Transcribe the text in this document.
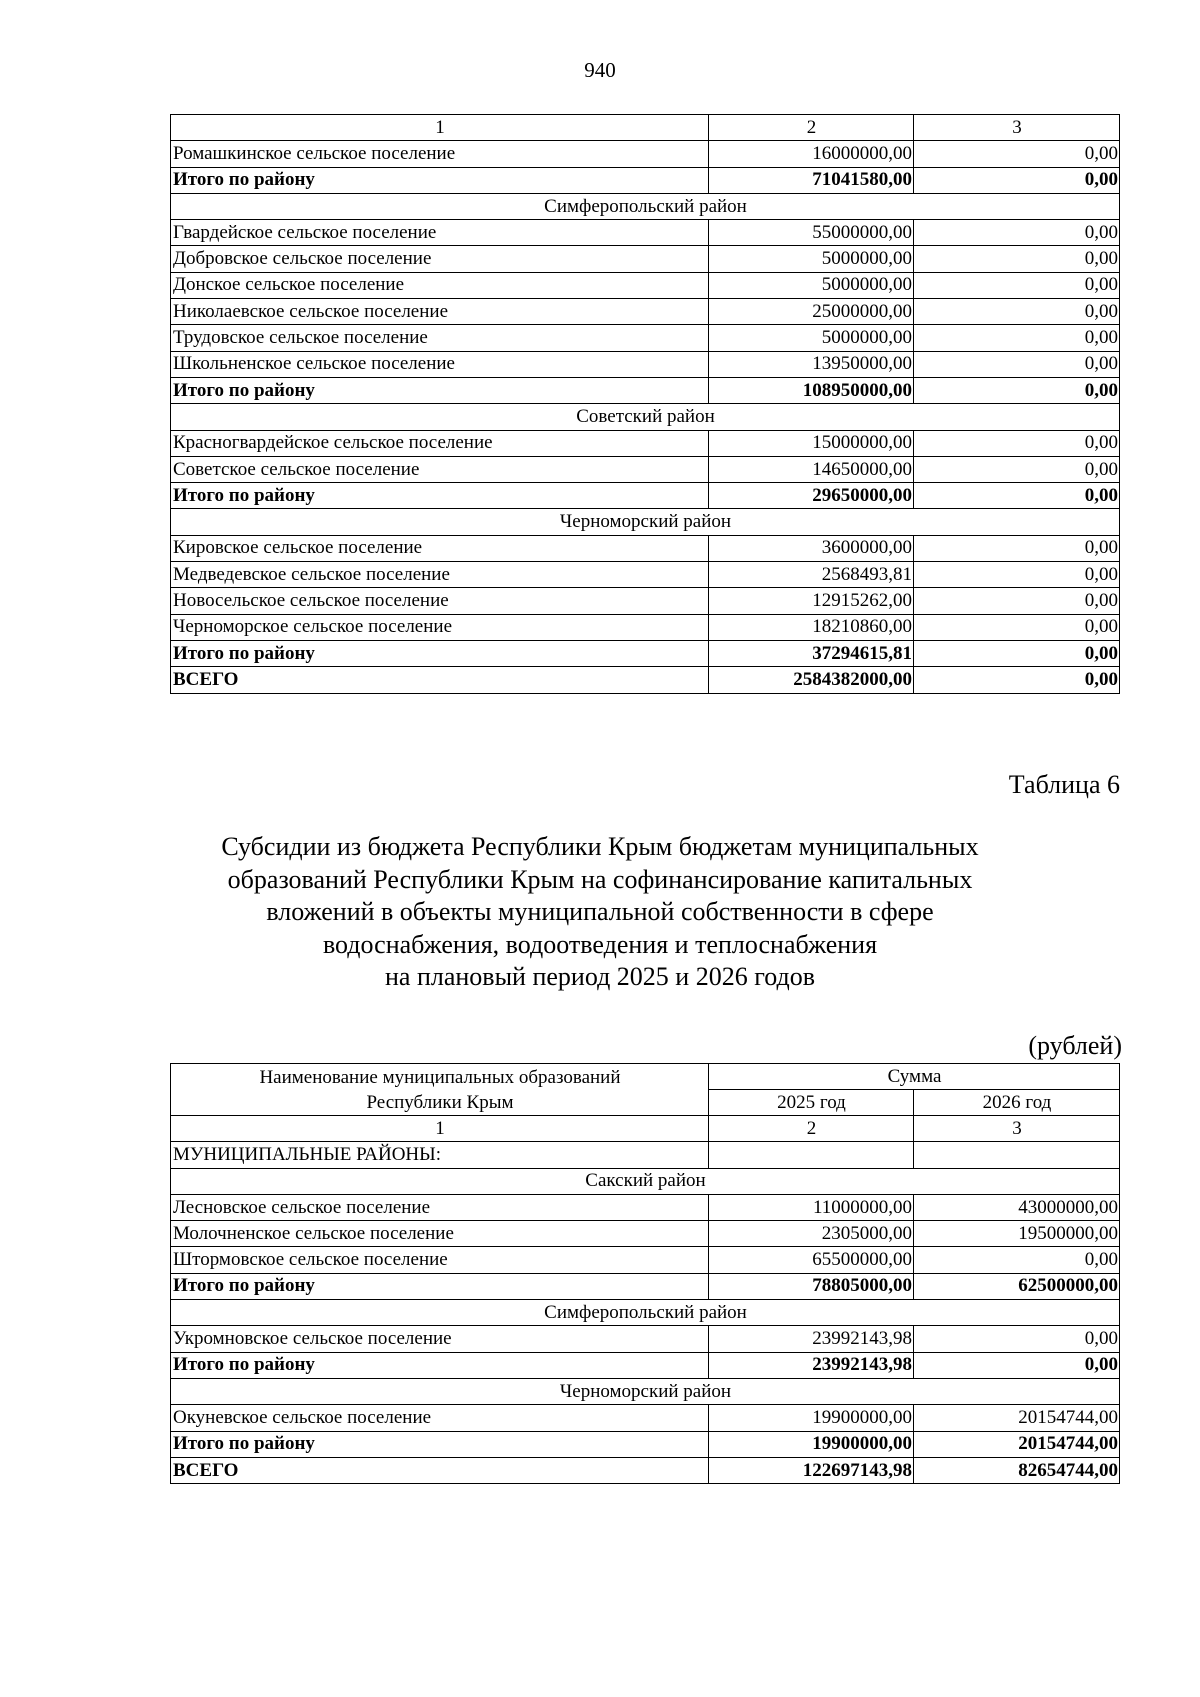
940
1	2	3
Ромашкинское сельское поселение	16000000,00	0,00
Итого по району	71041580,00	0,00
Симферопольский район		
Гвардейское сельское поселение	55000000,00	0,00
Добровское сельское поселение	5000000,00	0,00
Донское сельское поселение	5000000,00	0,00
Николаевское сельское поселение	25000000,00	0,00
Трудовское сельское поселение	5000000,00	0,00
Школьненское сельское поселение	13950000,00	0,00
Итого по району	108950000,00	0,00
Советский район		
Красногвардейское сельское поселение	15000000,00	0,00
Советское сельское поселение	14650000,00	0,00
Итого по району	29650000,00	0,00
Черноморский район		
Кировское сельское поселение	3600000,00	0,00
Медведевское сельское поселение	2568493,81	0,00
Новосельское сельское поселение	12915262,00	0,00
Черноморское сельское поселение	18210860,00	0,00
Итого по району	37294615,81	0,00
ВСЕГО	2584382000,00	0,00
Таблица 6
Субсидии из бюджета Республики Крым бюджетам муниципальных
образований Республики Крым на софинансирование капитальных
вложений в объекты муниципальной собственности в сфере
водоснабжения, водоотведения и теплоснабжения
на плановый период 2025 и 2026 годов
(рублей)
Наименование муниципальных образований
Республики Крым	Сумма	
	2025 год	2026 год
1	2	3
МУНИЦИПАЛЬНЫЕ РАЙОНЫ:		
Сакский район		
Лесновское сельское поселение	11000000,00	43000000,00
Молочненское сельское поселение	2305000,00	19500000,00
Штормовское сельское поселение	65500000,00	0,00
Итого по району	78805000,00	62500000,00
Симферопольский район		
Укромновское сельское поселение	23992143,98	0,00
Итого по району	23992143,98	0,00
Черноморский район		
Окуневское сельское поселение	19900000,00	20154744,00
Итого по району	19900000,00	20154744,00
ВСЕГО	122697143,98	82654744,00
